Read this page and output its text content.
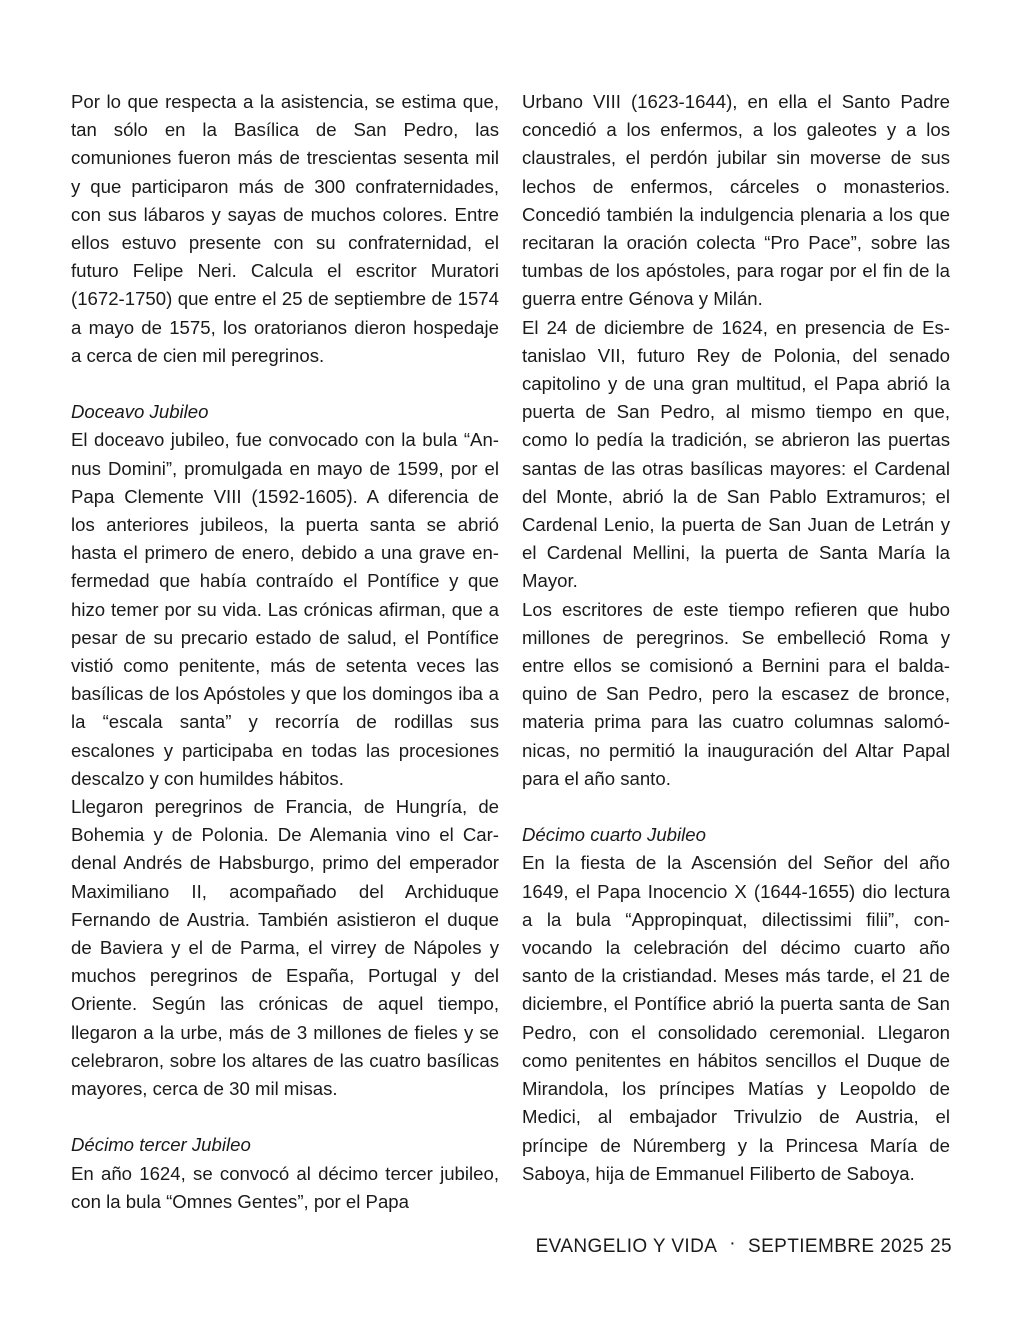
Por lo que respecta a la asistencia, se estima que, tan sólo en la Basílica de San Pedro, las comuniones fueron más de trescientas sesenta mil y que participaron más de 300 confraternidades, con sus lábaros y sayas de muchos colores. Entre ellos estuvo presente con su confraternidad, el futuro Felipe Neri. Calcula el escritor Muratori (1672-1750) que entre el 25 de septiembre de 1574 a mayo de 1575, los oratorianos dieron hospedaje a cerca de cien mil peregrinos.

Doceavo Jubileo

El doceavo jubileo, fue convocado con la bula “Annus Domini”, promulgada en mayo de 1599, por el Papa Clemente VIII (1592-1605). A diferencia de los anteriores jubileos, la puerta santa se abrió hasta el primero de enero, debido a una grave enfermedad que había contraído el Pontífice y que hizo temer por su vida. Las crónicas afirman, que a pesar de su precario estado de salud, el Pontífice vistió como penitente, más de setenta veces las basílicas de los Apóstoles y que los domingos iba a la “escala santa” y recorría de rodillas sus escalones y participaba en todas las procesiones descalzo y con humildes hábitos.

Llegaron peregrinos de Francia, de Hungría, de Bohemia y de Polonia. De Alemania vino el Cardenal Andrés de Habsburgo, primo del emperador Maximiliano II, acompañado del Archiduque Fernando de Austria. También asistieron el duque de Baviera y el de Parma, el virrey de Nápoles y muchos peregrinos de España, Portugal y del Oriente. Según las crónicas de aquel tiempo, llegaron a la urbe, más de 3 millones de fieles y se celebraron, sobre los altares de las cuatro basílicas mayores, cerca de 30 mil misas.

Décimo tercer Jubileo

En año 1624, se convocó al décimo tercer jubileo, con la bula “Omnes Gentes”, por el Papa

Urbano VIII (1623-1644), en ella el Santo Padre concedió a los enfermos, a los galeotes y a los claustrales, el perdón jubilar sin moverse de sus lechos de enfermos, cárceles o monasterios. Concedió también la indulgencia plenaria a los que recitaran la oración colecta “Pro Pace”, sobre las tumbas de los apóstoles, para rogar por el fin de la guerra entre Génova y Milán.

El 24 de diciembre de 1624, en presencia de Estanislao VII, futuro Rey de Polonia, del senado capitolino y de una gran multitud, el Papa abrió la puerta de San Pedro, al mismo tiempo en que, como lo pedía la tradición, se abrieron las puertas santas de las otras basílicas mayores: el Cardenal del Monte, abrió la de San Pablo Extramuros; el Cardenal Lenio, la puerta de San Juan de Letrán y el Cardenal Mellini, la puerta de Santa María la Mayor.

Los escritores de este tiempo refieren que hubo millones de peregrinos. Se embelleció Roma y entre ellos se comisionó a Bernini para el baldaquino de San Pedro, pero la escasez de bronce, materia prima para las cuatro columnas salomónicas, no permitió la inauguración del Altar Papal para el año santo.

Décimo cuarto Jubileo

En la fiesta de la Ascensión del Señor del año 1649, el Papa Inocencio X (1644-1655) dio lectura a la bula “Appropinquat, dilectissimi filii”, convocando la celebración del décimo cuarto año santo de la cristiandad. Meses más tarde, el 21 de diciembre, el Pontífice abrió la puerta santa de San Pedro, con el consolidado ceremonial. Llegaron como penitentes en hábitos sencillos el Duque de Mirandola, los príncipes Matías y Leopoldo de Medici, al embajador Trivulzio de Austria, el príncipe de Núremberg y la Princesa María de Saboya, hija de Emmanuel Filiberto de Saboya.

EVANGELIO Y VIDA · SEPTIEMBRE 2025 25
